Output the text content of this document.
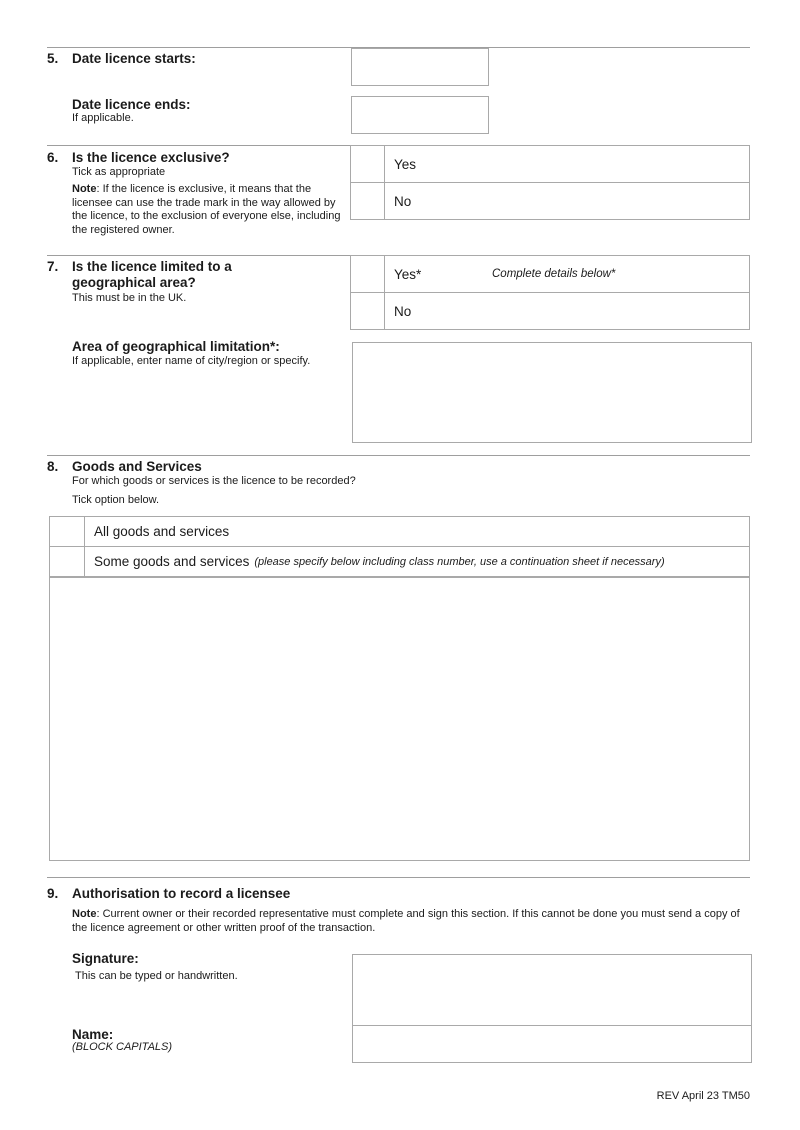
5. Date licence starts:
Date licence ends:
If applicable.
6. Is the licence exclusive?
Tick as appropriate
Note: If the licence is exclusive, it means that the licensee can use the trade mark in the way allowed by the licence, to the exclusion of everyone else, including the registered owner.
Yes
No
7. Is the licence limited to a geographical area?
This must be in the UK.
Yes*	Complete details below*
No
Area of geographical limitation*:
If applicable, enter name of city/region or specify.
8. Goods and Services
For which goods or services is the licence to be recorded?
Tick option below.
All goods and services
Some goods and services (please specify below including class number, use a continuation sheet if necessary)
9. Authorisation to record a licensee
Note: Current owner or their recorded representative must complete and sign this section. If this cannot be done you must send a copy of the licence agreement or other written proof of the transaction.
Signature:
This can be typed or handwritten.
Name:
(BLOCK CAPITALS)
REV April 23 TM50
